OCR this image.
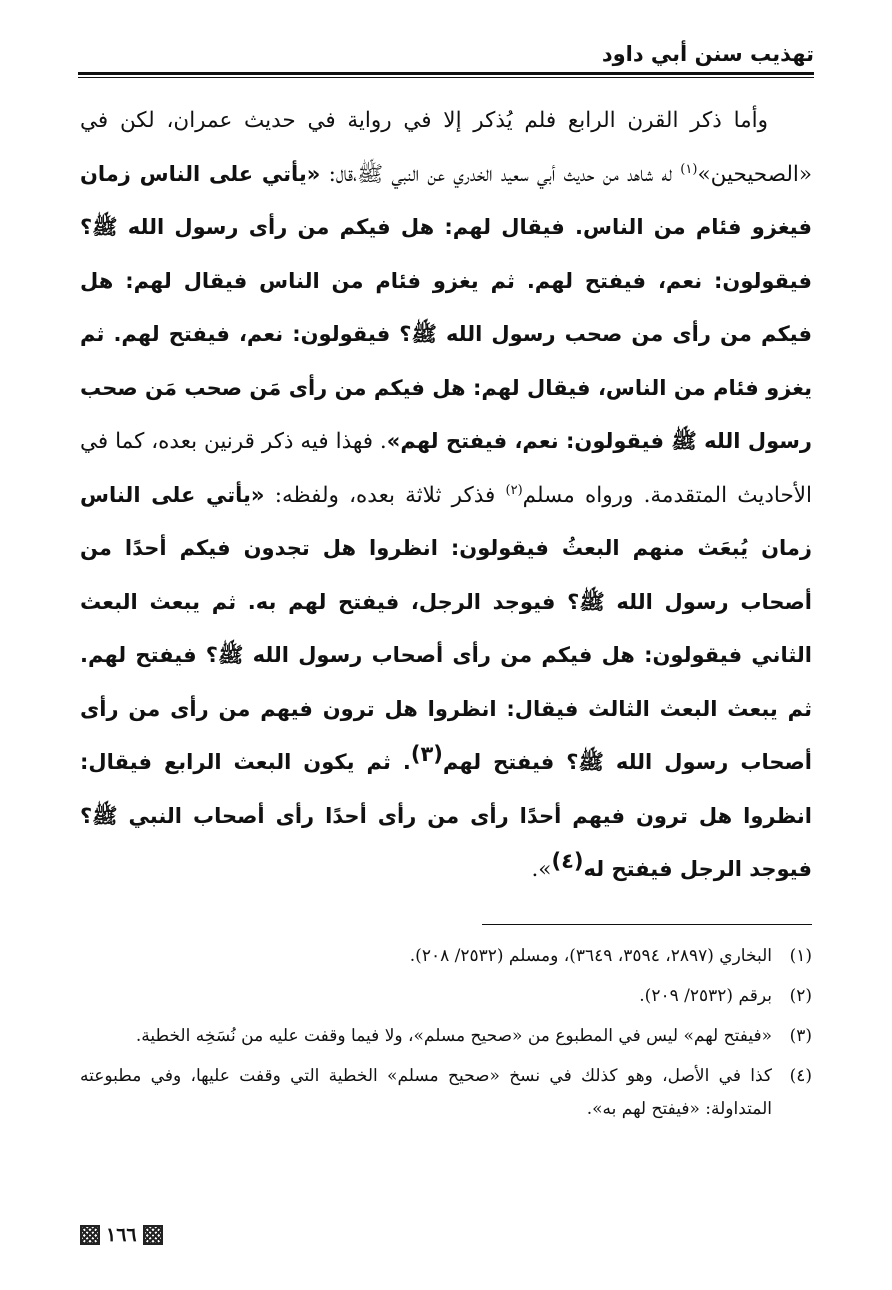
تهذيب سنن أبي داود

وأما ذكر القرن الرابع فلم يُذكر إلا في رواية في حديث عمران، لكن في «الصحيحين»$^{(١)}$ له شاهد من حديث أبي سعيد الخدري عن النبي ﷺ،قال: «يأتي على الناس زمان فيغزو فئام من الناس. فيقال لهم: هل فيكم من رأى رسول الله ﷺ؟ فيقولون: نعم، فيفتح لهم. ثم يغزو فئام من الناس فيقال لهم: هل فيكم من رأى من صحب رسول الله ﷺ؟ فيقولون: نعم، فيفتح لهم. ثم يغزو فئام من الناس، فيقال لهم: هل فيكم من رأى مَن صحب مَن صحب رسول الله ﷺ فيقولون: نعم، فيفتح لهم». فهذا فيه ذكر قرنين بعده، كما في الأحاديث المتقدمة. ورواه مسلم$^{(٢)}$ فذكر ثلاثة بعده، ولفظه: «يأتي على الناس زمان يُبعَث منهم البعثُ فيقولون: انظروا هل تجدون فيكم أحدًا من أصحاب رسول الله ﷺ؟ فيوجد الرجل، فيفتح لهم به. ثم يبعث البعث الثاني فيقولون: هل فيكم من رأى أصحاب رسول الله ﷺ؟ فيفتح لهم. ثم يبعث البعث الثالث فيقال: انظروا هل ترون فيهم من رأى من رأى أصحاب رسول الله ﷺ؟ فيفتح لهم$^{(٣)}$. ثم يكون البعث الرابع فيقال: انظروا هل ترون فيهم أحدًا رأى من رأى أحدًا رأى أصحاب النبي ﷺ؟ فيوجد الرجل فيفتح له$^{(٤)}$».

(١)
البخاري (٢٨٩٧، ٣٥٩٤، ٣٦٤٩)، ومسلم (٢٥٣٢/ ٢٠٨).
(٢)
برقم (٢٥٣٢/ ٢٠٩).
(٣)
«فيفتح لهم» ليس في المطبوع من «صحيح مسلم»، ولا فيما وقفت عليه من نُسَخِه الخطية.
(٤)
كذا في الأصل، وهو كذلك في نسخ «صحيح مسلم» الخطية التي وقفت عليها، وفي مطبوعته المتداولة: «فيفتح لهم به».
١٦٦
